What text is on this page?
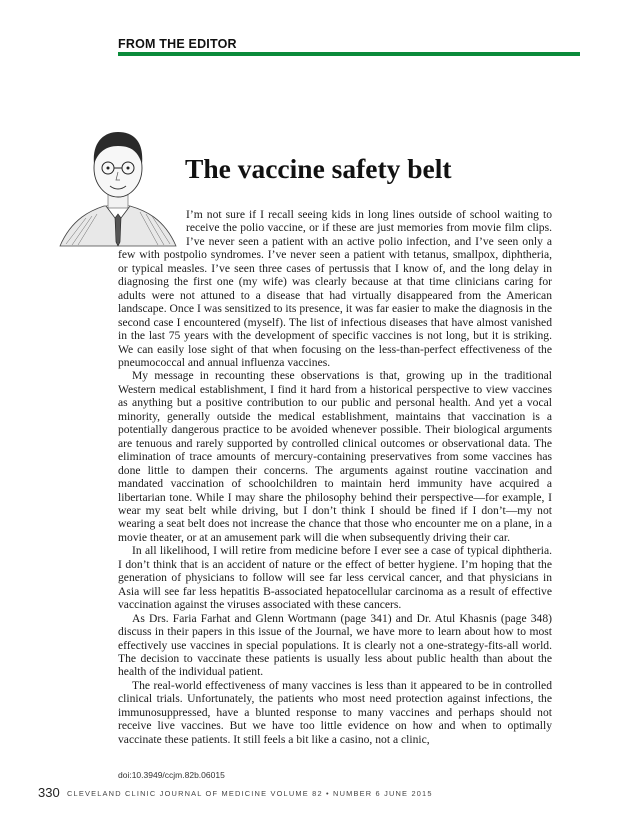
FROM THE EDITOR
The vaccine safety belt

I’m not sure if I recall seeing kids in long lines outside of school waiting to receive the polio vaccine, or if these are just memories from movie film clips. I’ve never seen a patient with an active polio infection, and I’ve seen only a few with postpolio syndromes. I’ve never seen a patient with tetanus, smallpox, diphtheria, or typical measles. I’ve seen three cases of pertussis that I know of, and the long delay in diagnosing the first one (my wife) was clearly because at that time clinicians caring for adults were not attuned to a disease that had virtually disappeared from the American landscape. Once I was sensitized to its presence, it was far easier to make the diagnosis in the second case I encountered (myself). The list of infectious diseases that have almost vanished in the last 75 years with the development of specific vaccines is not long, but it is striking. We can easily lose sight of that when focusing on the less-than-perfect effectiveness of the pneumococcal and annual influenza vaccines.

My message in recounting these observations is that, growing up in the traditional Western medical establishment, I find it hard from a historical perspective to view vaccines as anything but a positive contribution to our public and personal health. And yet a vocal minority, generally outside the medical establishment, maintains that vaccination is a potentially dangerous practice to be avoided whenever possible. Their biological arguments are tenuous and rarely supported by controlled clinical outcomes or observational data. The elimination of trace amounts of mercury-containing preservatives from some vaccines has done little to dampen their concerns. The arguments against routine vaccination and mandated vaccination of schoolchildren to maintain herd immunity have acquired a libertarian tone. While I may share the philosophy behind their perspective—for example, I wear my seat belt while driving, but I don’t think I should be fined if I don’t—my not wearing a seat belt does not increase the chance that those who encounter me on a plane, in a movie theater, or at an amusement park will die when subsequently driving their car.

In all likelihood, I will retire from medicine before I ever see a case of typical diphtheria. I don’t think that is an accident of nature or the effect of better hygiene. I’m hoping that the generation of physicians to follow will see far less cervical cancer, and that physicians in Asia will see far less hepatitis B-associated hepatocellular carcinoma as a result of effective vaccination against the viruses associated with these cancers.

As Drs. Faria Farhat and Glenn Wortmann (page 341) and Dr. Atul Khasnis (page 348) discuss in their papers in this issue of the Journal, we have more to learn about how to most effectively use vaccines in special populations. It is clearly not a one-strategy-fits-all world. The decision to vaccinate these patients is usually less about public health than about the health of the individual patient.

The real-world effectiveness of many vaccines is less than it appeared to be in controlled clinical trials. Unfortunately, the patients who most need protection against infections, the immunosuppressed, have a blunted response to many vaccines and perhaps should not receive live vaccines. But we have too little evidence on how and when to optimally vaccinate these patients. It still feels a bit like a casino, not a clinic,

doi:10.3949/ccjm.82b.06015
330 CLEVELAND CLINIC JOURNAL OF MEDICINE VOLUME 82 • NUMBER 6 JUNE 2015
